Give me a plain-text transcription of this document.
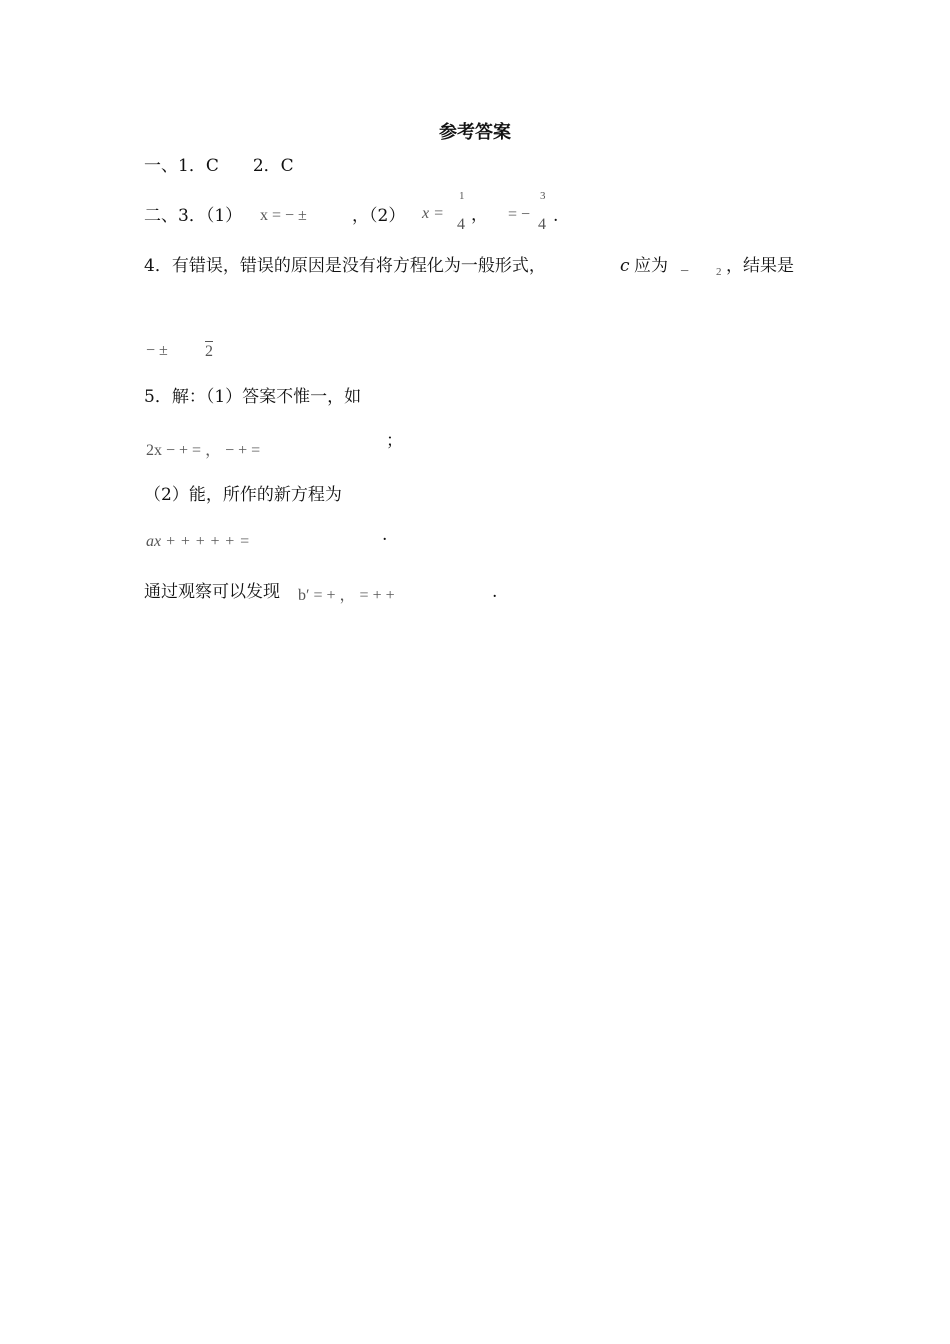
参考答案
一、1．C　　2．C
二、3．（1） x = − ±	，（2） x =
1
4 ， = −
3
4 .
4．有错误，错误的原因是没有将方程化为一般形式，	c 应为 − 2 ，结果是
− ± 2
5．解：（1）答案不惟一，如
2x − + = ， − + =	；
（2）能，所作的新方程为
ax + + + + + =	.
通过观察可以发现 b′ = + ， = + +	.
